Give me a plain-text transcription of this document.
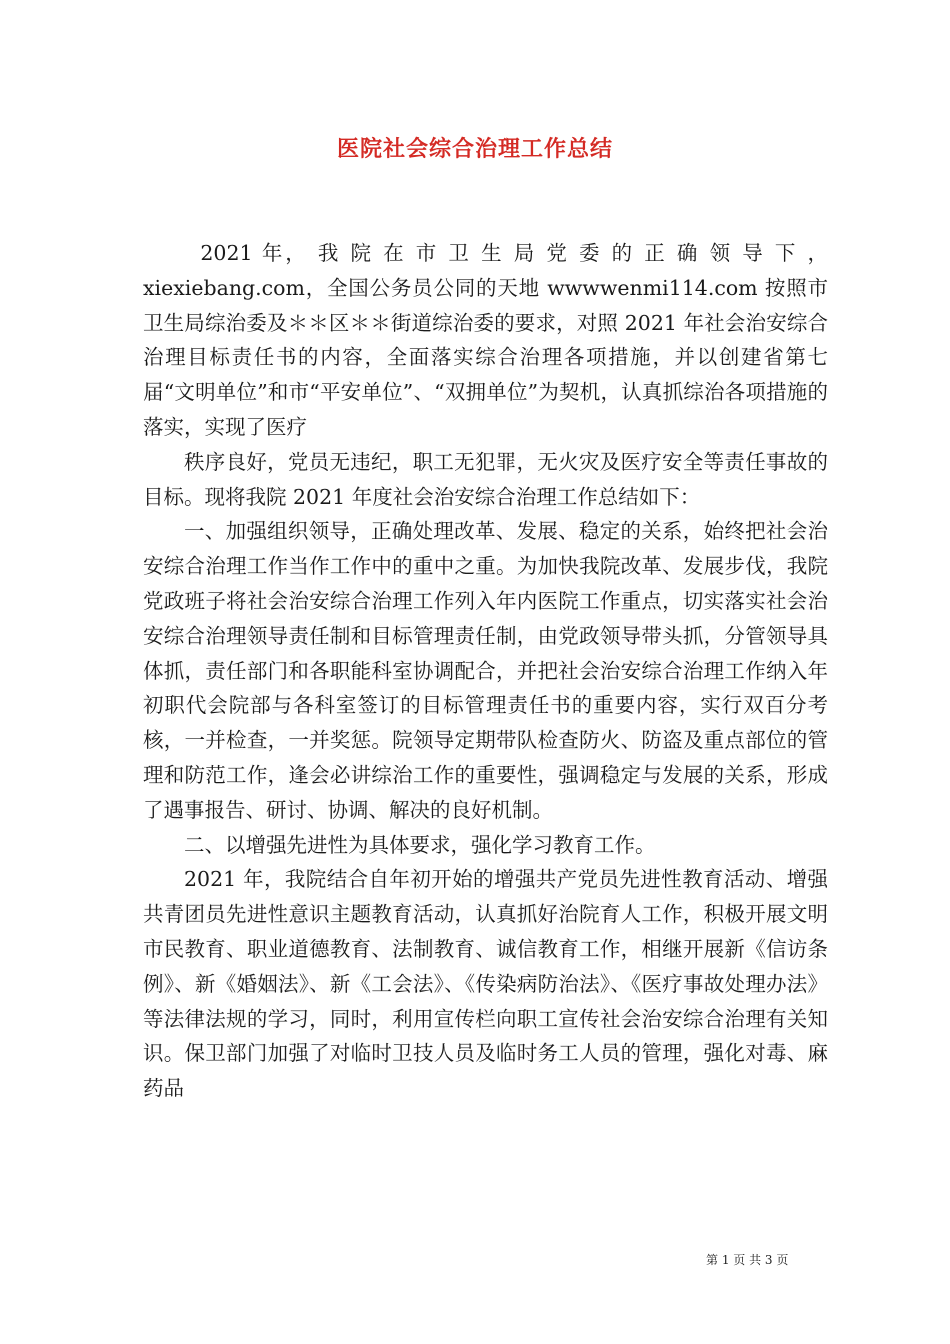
医院社会综合治理工作总结

2021 年， 我 院 在 市 卫 生 局 党 委 的 正 确 领 导 下 ，xiexiebang.com，全国公务员公同的天地 wwwwenmi114.com 按照市卫生局综治委及＊＊区＊＊街道综治委的要求，对照 2021 年社会治安综合治理目标责任书的内容，全面落实综合治理各项措施，并以创建省第七届“文明单位”和市“平安单位”、“双拥单位”为契机，认真抓综治各项措施的落实，实现了医疗

秩序良好，党员无违纪，职工无犯罪，无火灾及医疗安全等责任事故的目标。现将我院 2021 年度社会治安综合治理工作总结如下：

一、加强组织领导，正确处理改革、发展、稳定的关系，始终把社会治安综合治理工作当作工作中的重中之重。为加快我院改革、发展步伐，我院党政班子将社会治安综合治理工作列入年内医院工作重点，切实落实社会治安综合治理领导责任制和目标管理责任制，由党政领导带头抓，分管领导具体抓，责任部门和各职能科室协调配合，并把社会治安综合治理工作纳入年初职代会院部与各科室签订的目标管理责任书的重要内容，实行双百分考核，一并检查，一并奖惩。院领导定期带队检查防火、防盗及重点部位的管理和防范工作，逢会必讲综治工作的重要性，强调稳定与发展的关系，形成了遇事报告、研讨、协调、解决的良好机制。

二、以增强先进性为具体要求，强化学习教育工作。

2021 年，我院结合自年初开始的增强共产党员先进性教育活动、增强共青团员先进性意识主题教育活动，认真抓好治院育人工作，积极开展文明市民教育、职业道德教育、法制教育、诚信教育工作，相继开展新《信访条例》、新《婚姻法》、新《工会法》、《传染病防治法》、《医疗事故处理办法》等法律法规的学习，同时，利用宣传栏向职工宣传社会治安综合治理有关知识。保卫部门加强了对临时卫技人员及临时务工人员的管理，强化对毒、麻药品

第 1 页 共 3 页
